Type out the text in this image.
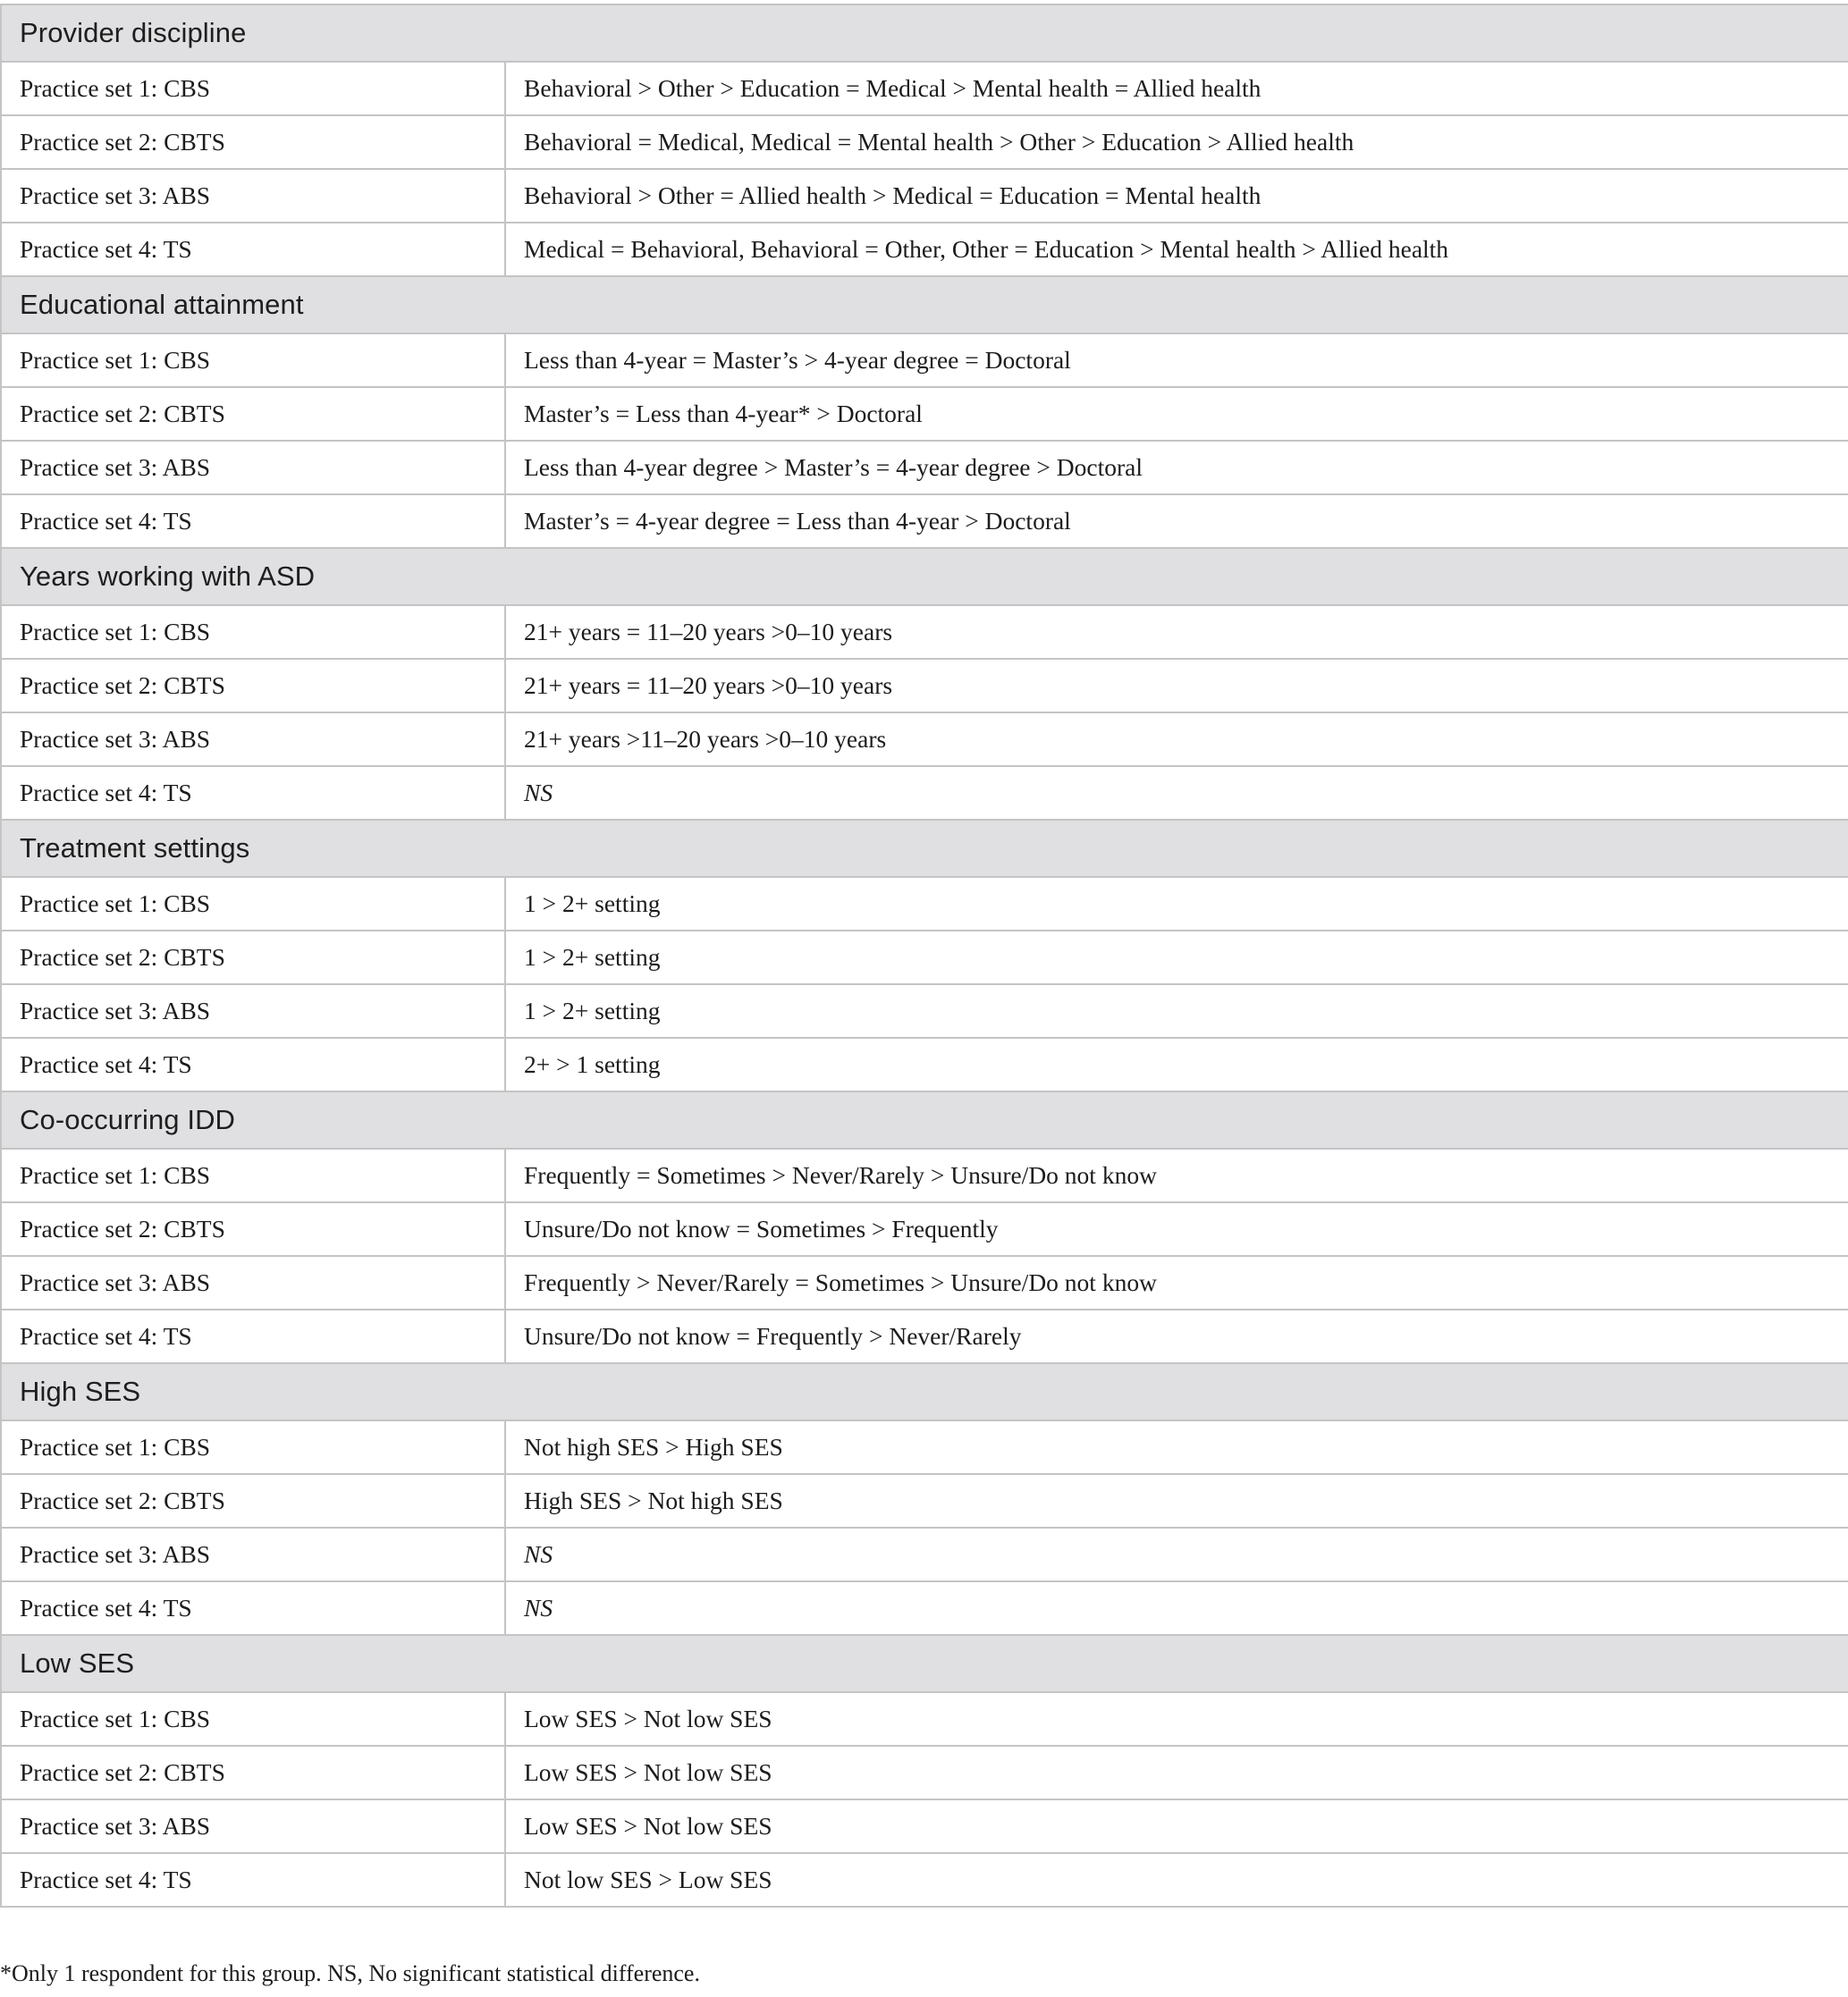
Provider discipline	
Practice set 1: CBS	Behavioral > Other > Education = Medical > Mental health = Allied health
Practice set 2: CBTS	Behavioral = Medical, Medical = Mental health > Other > Education > Allied health
Practice set 3: ABS	Behavioral > Other = Allied health > Medical = Education = Mental health
Practice set 4: TS	Medical = Behavioral, Behavioral = Other, Other = Education > Mental health > Allied health
Educational attainment	
Practice set 1: CBS	Less than 4-year = Master’s > 4-year degree = Doctoral
Practice set 2: CBTS	Master’s = Less than 4-year* > Doctoral
Practice set 3: ABS	Less than 4-year degree > Master’s = 4-year degree > Doctoral
Practice set 4: TS	Master’s = 4-year degree = Less than 4-year > Doctoral
Years working with ASD	
Practice set 1: CBS	21+ years = 11–20 years >0–10 years
Practice set 2: CBTS	21+ years = 11–20 years >0–10 years
Practice set 3: ABS	21+ years >11–20 years >0–10 years
Practice set 4: TS	NS
Treatment settings	
Practice set 1: CBS	1 > 2+ setting
Practice set 2: CBTS	1 > 2+ setting
Practice set 3: ABS	1 > 2+ setting
Practice set 4: TS	2+ > 1 setting
Co-occurring IDD	
Practice set 1: CBS	Frequently = Sometimes > Never/Rarely > Unsure/Do not know
Practice set 2: CBTS	Unsure/Do not know = Sometimes > Frequently
Practice set 3: ABS	Frequently > Never/Rarely = Sometimes > Unsure/Do not know
Practice set 4: TS	Unsure/Do not know = Frequently > Never/Rarely
High SES	
Practice set 1: CBS	Not high SES > High SES
Practice set 2: CBTS	High SES > Not high SES
Practice set 3: ABS	NS
Practice set 4: TS	NS
Low SES	
Practice set 1: CBS	Low SES > Not low SES
Practice set 2: CBTS	Low SES > Not low SES
Practice set 3: ABS	Low SES > Not low SES
Practice set 4: TS	Not low SES > Low SES
*Only 1 respondent for this group. NS, No significant statistical difference.
